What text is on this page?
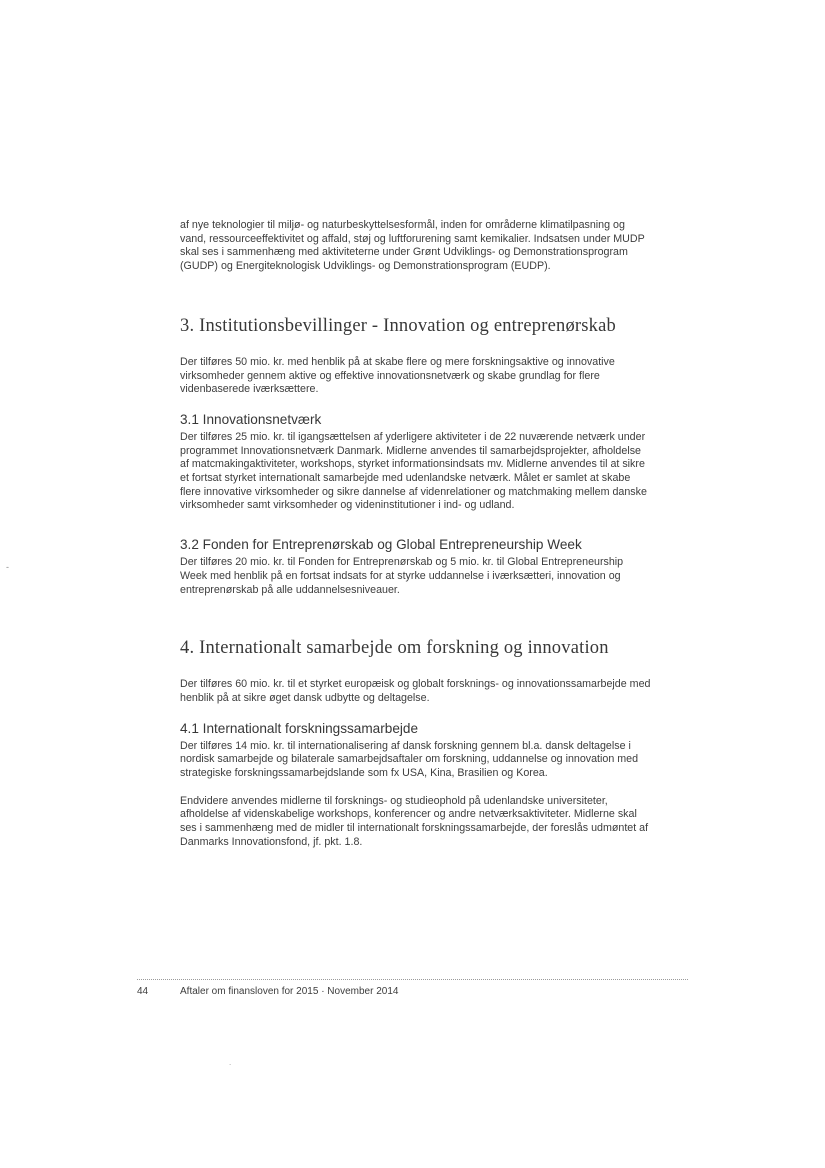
-

af nye teknologier til miljø- og naturbeskyttelsesformål, inden for områderne klimatilpasning og vand, ressourceeffektivitet og affald, støj og luftforurening samt kemikalier. Indsatsen under MUDP skal ses i sammenhæng med aktiviteterne under Grønt Udviklings- og Demonstrationsprogram (GUDP) og Energiteknologisk Udviklings- og Demonstrationsprogram (EUDP).

3. Institutionsbevillinger - Innovation og entreprenørskab

Der tilføres 50 mio. kr. med henblik på at skabe flere og mere forskningsaktive og innovative virksomheder gennem aktive og effektive innovationsnetværk og skabe grundlag for flere videnbaserede iværksættere.

3.1 Innovationsnetværk

Der tilføres 25 mio. kr. til igangsættelsen af yderligere aktiviteter i de 22 nuværende netværk under programmet Innovationsnetværk Danmark. Midlerne anvendes til samarbejdsprojekter, afholdelse af matcmakingaktiviteter, workshops, styrket informationsindsats mv. Midlerne anvendes til at sikre et fortsat styrket internationalt samarbejde med udenlandske netværk. Målet er samlet at skabe flere innovative virksomheder og sikre dannelse af videnrelationer og matchmaking mellem danske virksomheder samt virksomheder og videninstitutioner i ind- og udland.

3.2 Fonden for Entreprenørskab og Global Entrepreneurship Week

Der tilføres 20 mio. kr. til Fonden for Entreprenørskab og 5 mio. kr. til Global Entrepreneurship Week med henblik på en fortsat indsats for at styrke uddannelse i iværksætteri, innovation og entreprenørskab på alle uddannelsesniveauer.

4. Internationalt samarbejde om forskning og innovation

Der tilføres 60 mio. kr. til et styrket europæisk og globalt forsknings- og innovationssamarbejde med henblik på at sikre øget dansk udbytte og deltagelse.

4.1 Internationalt forskningssamarbejde

Der tilføres 14 mio. kr. til internationalisering af dansk forskning gennem bl.a. dansk deltagelse i nordisk samarbejde og bilaterale samarbejdsaftaler om forskning, uddannelse og innovation med strategiske forskningssamarbejdslande som fx USA, Kina, Brasilien og Korea.

Endvidere anvendes midlerne til forsknings- og studieophold på udenlandske universiteter, afholdelse af videnskabelige workshops, konferencer og andre netværksaktiviteter. Midlerne skal ses i sammenhæng med de midler til internationalt forskningssamarbejde, der foreslås udmøntet af Danmarks Innovationsfond, jf. pkt. 1.8.

44	Aftaler om finansloven for 2015 · November 2014
.
